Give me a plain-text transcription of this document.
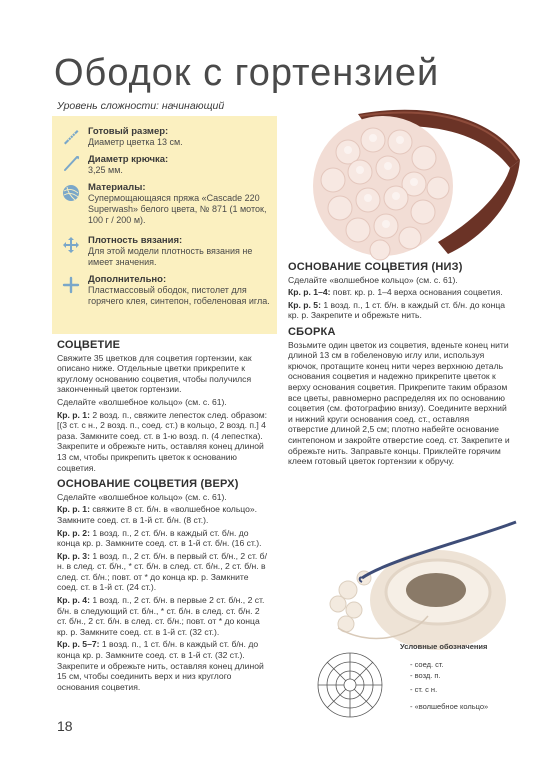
Ободок с гортензией
Уровень сложности: начинающий
Готовый размер:
Диаметр цветка 13 см.
Диаметр крючка:
3,25 мм.
Материалы:
Супермощающаяся пряжа «Cascade 220 Superwash» белого цвета, № 871 (1 моток, 100 г / 200 м).
Плотность вязания:
Для этой модели плотность вязания не имеет значения.
Дополнительно:
Пластмассовый ободок, пистолет для горячего клея, синтепон, гобеленовая игла.
СОЦВЕТИЕ

Свяжите 35 цветков для соцветия гортензии, как описано ниже. Отдельные цветки прикрепите к круглому основанию соцветия, чтобы получился законченный цветок гортензии.

Сделайте «волшебное кольцо» (см. с. 61).

Кр. р. 1: 2 возд. п., свяжите лепесток след. образом: [(3 ст. с н., 2 возд. п., соед. ст.) в кольцо, 2 возд. п.] 4 раза. Замкните соед. ст. в 1-ю возд. п. (4 лепестка). Закрепите и обрежьте нить, оставляя конец длиной 13 см, чтобы прикрепить цветок к основанию соцветия.

ОСНОВАНИЕ СОЦВЕТИЯ (ВЕРХ)

Сделайте «волшебное кольцо» (см. с. 61).

Кр. р. 1: свяжите 8 ст. б/н. в «волшебное кольцо». Замкните соед. ст. в 1-й ст. б/н. (8 ст.).

Кр. р. 2: 1 возд. п., 2 ст. б/н. в каждый ст. б/н. до конца кр. р. Замкните соед. ст. в 1-й ст. б/н. (16 ст.).

Кр. р. 3: 1 возд. п., 2 ст. б/н. в первый ст. б/н., 2 ст. б/н. в след. ст. б/н., * ст. б/н. в след. ст. б/н., 2 ст. б/н. в след. ст. б/н.; повт. от * до конца кр. р. Замкните соед. ст. в 1-й ст. (24 ст.).

Кр. р. 4: 1 возд. п., 2 ст. б/н. в первые 2 ст. б/н., 2 ст. б/н. в следующий ст. б/н., * ст. б/н. в след. ст. б/н. 2 ст. б/н., 2 ст. б/н. в след. ст. б/н.; повт. от * до конца кр. р. Замкните соед. ст. в 1-й ст. (32 ст.).

Кр. р. 5–7: 1 возд. п., 1 ст. б/н. в каждый ст. б/н. до конца кр. р. Замкните соед. ст. в 1-й ст. (32 ст.). Закрепите и обрежьте нить, оставляя конец длиной 15 см, чтобы соединить верх и низ круглого основания соцветия.

ОСНОВАНИЕ СОЦВЕТИЯ (НИЗ)

Сделайте «волшебное кольцо» (см. с. 61).

Кр. р. 1–4: повт. кр. р. 1–4 верха основания соцветия.

Кр. р. 5: 1 возд. п., 1 ст. б/н. в каждый ст. б/н. до конца кр. р. Закрепите и обрежьте нить.

СБОРКА

Возьмите один цветок из соцветия, вденьте конец нити длиной 13 см в гобеленовую иглу или, используя крючок, протащите конец нити через верхнюю деталь основания соцветия и надежно прикрепите цветок к верху основания соцветия. Прикрепите таким образом все цветы, равномерно распределяя их по основанию соцветия (см. фотографию внизу). Соедините верхний и нижний круги основания соед. ст., оставляя отверстие длиной 2,5 см; плотно набейте основание синтепоном и закройте отверстие соед. ст. Закрепите и обрежьте нить. Заправьте концы. Приклейте горячим клеем готовый цветок гортензии к обручу.

Условные обозначения
- соед. ст.
- возд. п.
- ст. с н.
- «волшебное кольцо»
18
